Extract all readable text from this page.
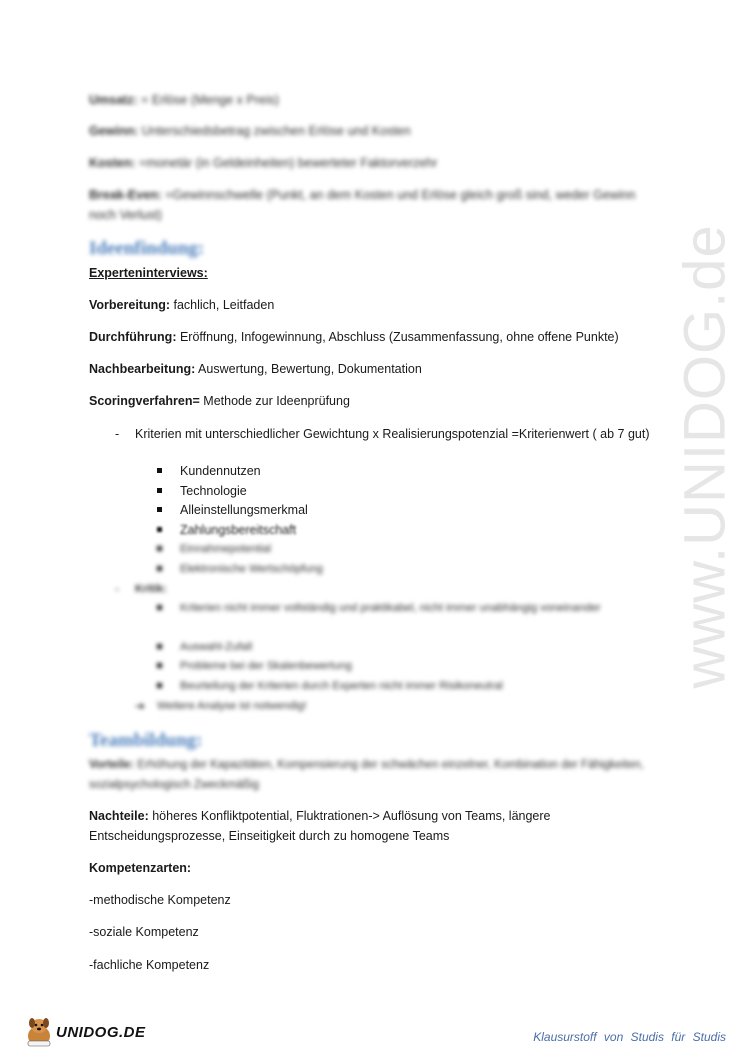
www.UNIDOG.de

Umsatz: = Erlöse (Menge x Preis)

Gewinn: Unterschiedsbetrag zwischen Erlöse und Kosten

Kosten: =monetär (in Geldeinheiten) bewerteter Faktorverzehr

Break-Even: =Gewinnschwelle (Punkt, an dem Kosten und Erlöse gleich groß sind, weder Gewinn noch Verlust)

Ideenfindung:

Experteninterviews:

Vorbereitung: fachlich, Leitfaden

Durchführung: Eröffnung, Infogewinnung, Abschluss (Zusammenfassung, ohne offene Punkte)

Nachbearbeitung: Auswertung, Bewertung, Dokumentation

Scoringverfahren= Methode zur Ideenprüfung

- Kriterien mit unterschiedlicher Gewichtung x Realisierungspotenzial =Kriterienwert ( ab 7 gut)
Kundennutzen
Technologie
Alleinstellungsmerkmal
Zahlungsbereitschaft
Einnahmepotential
Elektronische Wertschöpfung
- Kritik:
Kriterien nicht immer vollständig und praktikabel, nicht immer unabhängig voneinander
Auswahl-Zufall
Probleme bei der Skalenbewertung
Beurteilung der Kriterien durch Experten nicht immer Risikoneutral
➔ Weitere Analyse ist notwendig!
Teambildung:

Vorteile: Erhöhung der Kapazitäten, Kompensierung der schwächen einzelner, Kombination der Fähigkeiten, sozialpsychologisch Zweckmäßig

Nachteile: höheres Konfliktpotential, Fluktrationen-> Auflösung von Teams, längere Entscheidungsprozesse, Einseitigkeit durch zu homogene Teams

Kompetenzarten:

-methodische Kompetenz

-soziale Kompetenz

-fachliche Kompetenz

UNIDOG.DE	Klausurstoff von Studis für Studis
